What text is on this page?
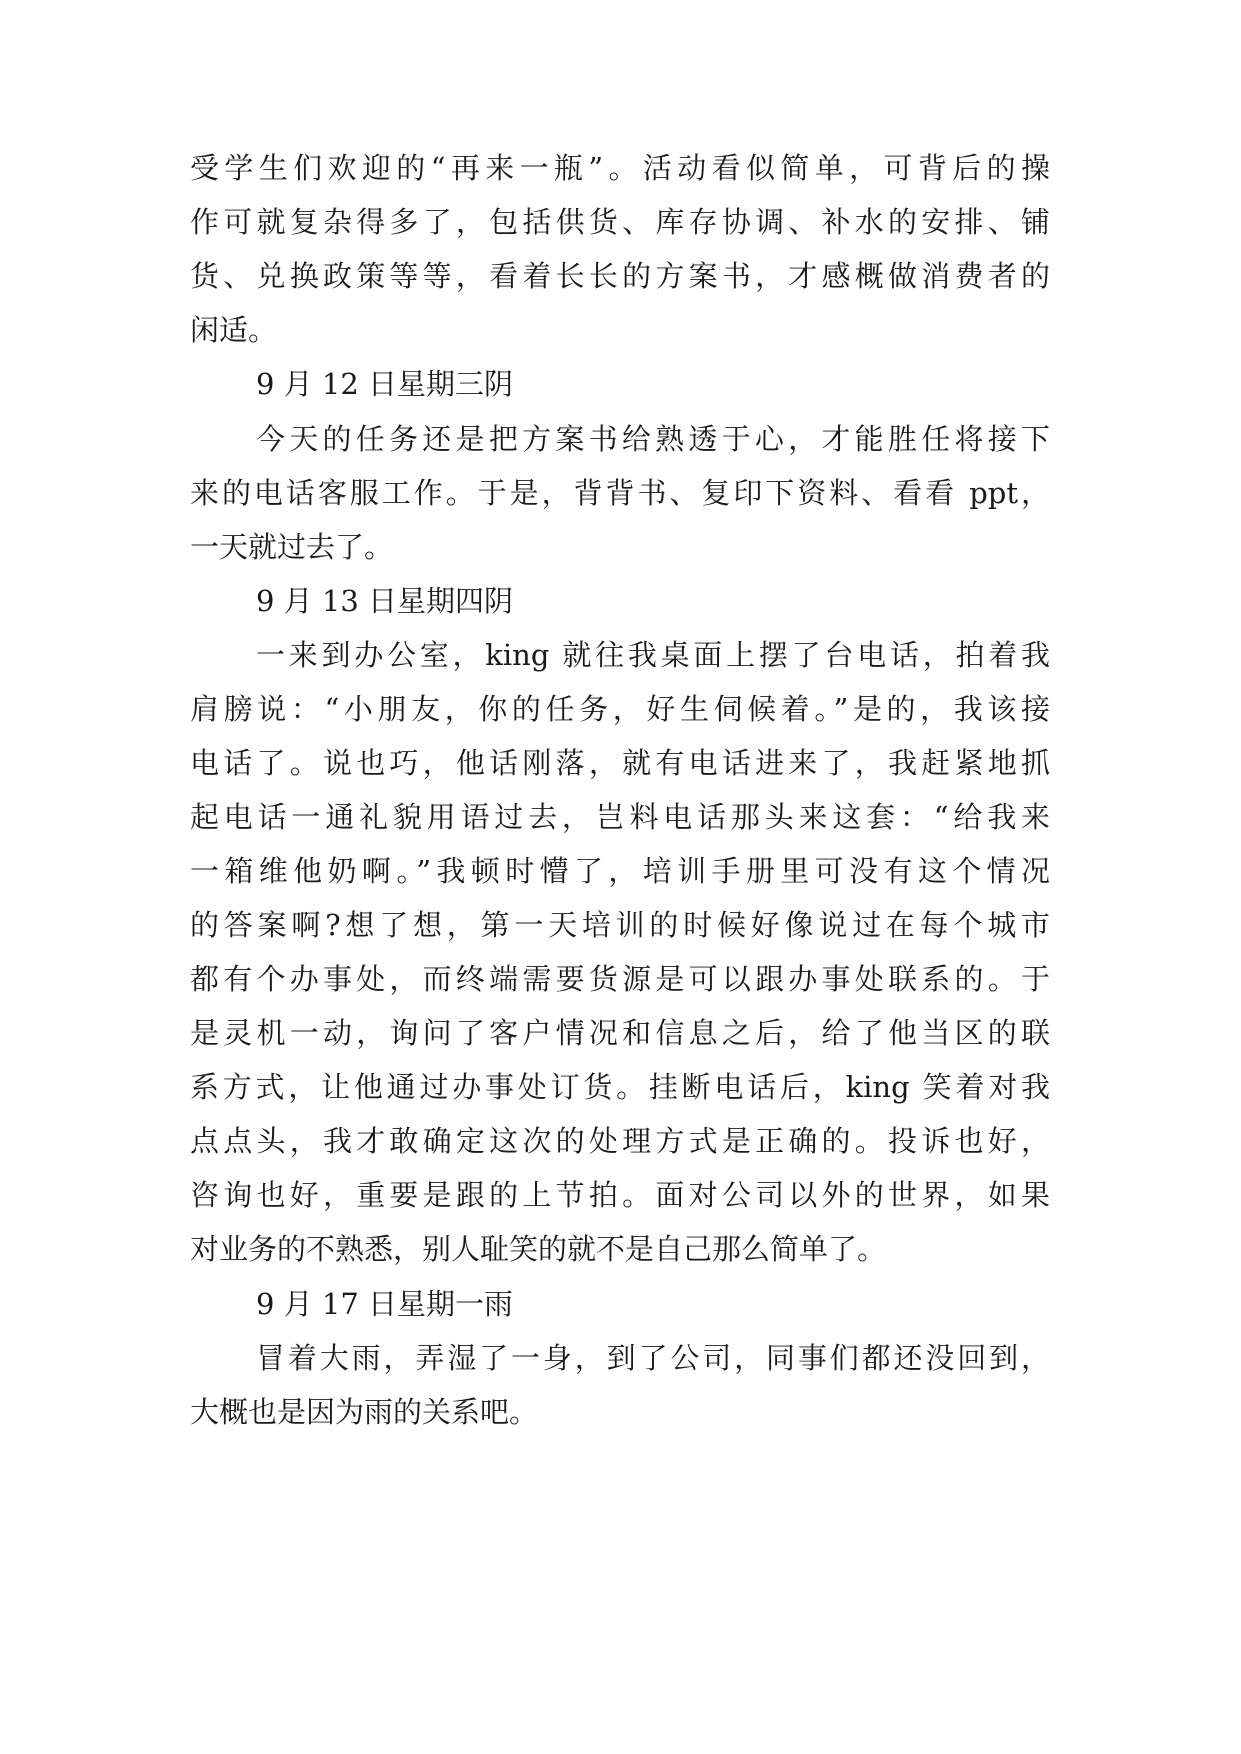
受学生们欢迎的“再来一瓶”。活动看似简单，可背后的操
作可就复杂得多了，包括供货、库存协调、补水的安排、铺
货、兑换政策等等，看着长长的方案书，才感概做消费者的
闲适。
9 月 12 日星期三阴
今天的任务还是把方案书给熟透于心，才能胜任将接下
来的电话客服工作。于是，背背书、复印下资料、看看 ppt，
一天就过去了。
9 月 13 日星期四阴
一来到办公室，king 就往我桌面上摆了台电话，拍着我
肩膀说：“小朋友，你的任务，好生伺候着。”是的，我该接
电话了。说也巧，他话刚落，就有电话进来了，我赶紧地抓
起电话一通礼貌用语过去，岂料电话那头来这套：“给我来
一箱维他奶啊。”我顿时懵了，培训手册里可没有这个情况
的答案啊?想了想，第一天培训的时候好像说过在每个城市
都有个办事处，而终端需要货源是可以跟办事处联系的。于
是灵机一动，询问了客户情况和信息之后，给了他当区的联
系方式，让他通过办事处订货。挂断电话后，king 笑着对我
点点头，我才敢确定这次的处理方式是正确的。投诉也好，
咨询也好，重要是跟的上节拍。面对公司以外的世界，如果
对业务的不熟悉，别人耻笑的就不是自己那么简单了。
9 月 17 日星期一雨
冒着大雨，弄湿了一身，到了公司，同事们都还没回到，
大概也是因为雨的关系吧。
